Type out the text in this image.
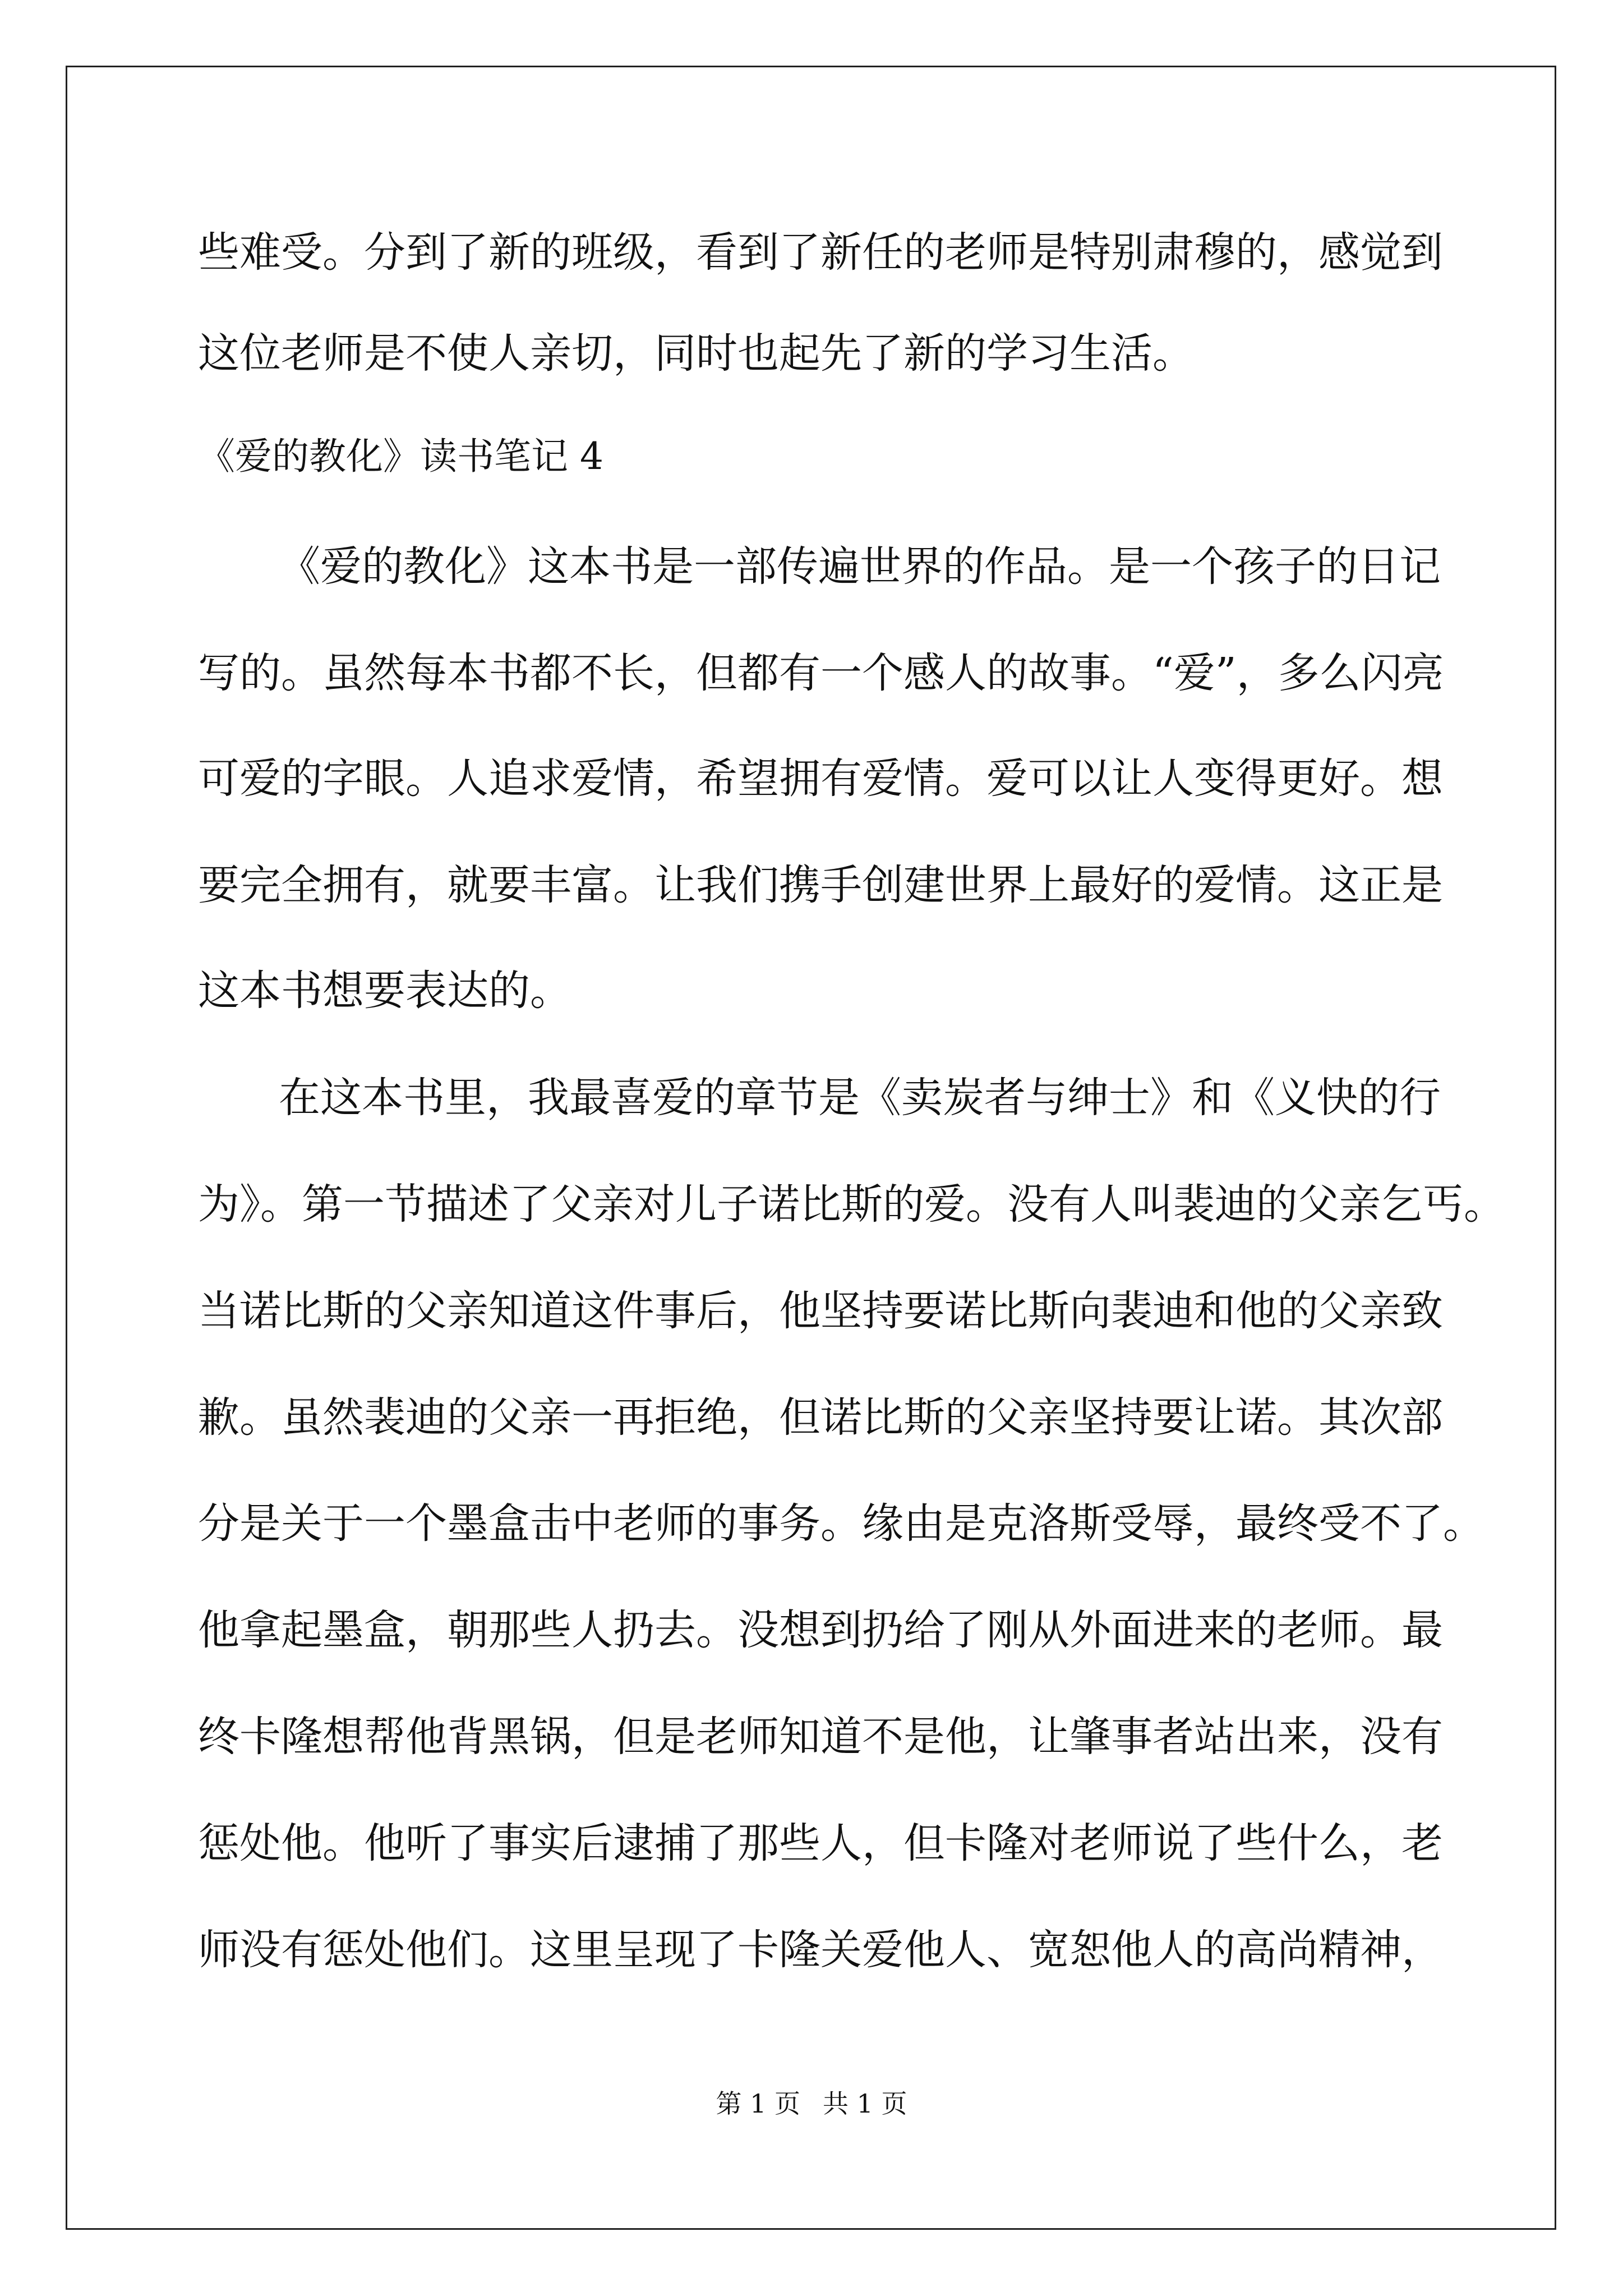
些难受。分到了新的班级，看到了新任的老师是特别肃穆的，感觉到
这位老师是不使人亲切，同时也起先了新的学习生活。
《爱的教化》读书笔记 4
《爱的教化》这本书是一部传遍世界的作品。是一个孩子的日记
写的。虽然每本书都不长，但都有一个感人的故事。“爱”，多么闪亮
可爱的字眼。人追求爱情，希望拥有爱情。爱可以让人变得更好。想
要完全拥有，就要丰富。让我们携手创建世界上最好的爱情。这正是
这本书想要表达的。
在这本书里，我最喜爱的章节是《卖炭者与绅士》和《义快的行
为》。第一节描述了父亲对儿子诺比斯的爱。没有人叫裴迪的父亲乞丐。
当诺比斯的父亲知道这件事后，他坚持要诺比斯向裴迪和他的父亲致
歉。虽然裴迪的父亲一再拒绝，但诺比斯的父亲坚持要让诺。其次部
分是关于一个墨盒击中老师的事务。缘由是克洛斯受辱，最终受不了。
他拿起墨盒，朝那些人扔去。没想到扔给了刚从外面进来的老师。最
终卡隆想帮他背黑锅，但是老师知道不是他，让肇事者站出来，没有
惩处他。他听了事实后逮捕了那些人，但卡隆对老师说了些什么，老
师没有惩处他们。这里呈现了卡隆关爱他人、宽恕他人的高尚精神，
第 1 页 共 1 页
